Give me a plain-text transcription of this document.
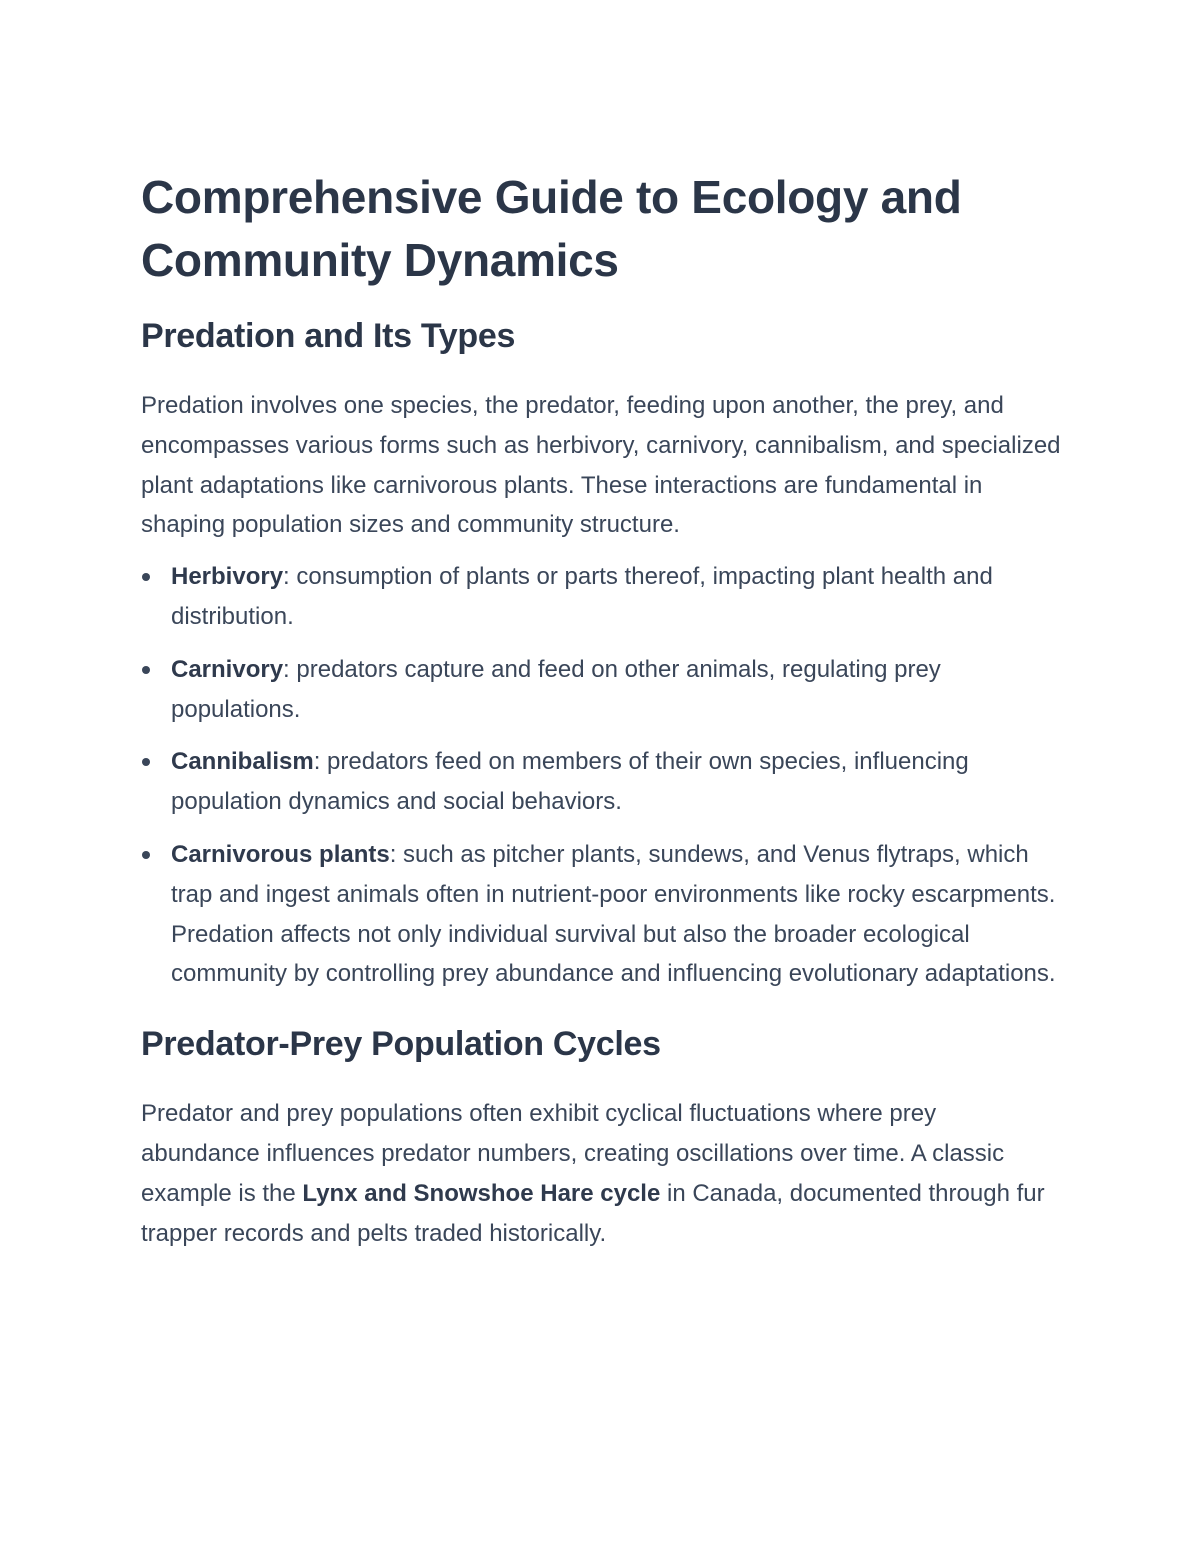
Comprehensive Guide to Ecology and Community Dynamics
Predation and Its Types

Predation involves one species, the predator, feeding upon another, the prey, and encompasses various forms such as herbivory, carnivory, cannibalism, and specialized plant adaptations like carnivorous plants. These interactions are fundamental in shaping population sizes and community structure.

Herbivory: consumption of plants or parts thereof, impacting plant health and distribution.
Carnivory: predators capture and feed on other animals, regulating prey populations.
Cannibalism: predators feed on members of their own species, influencing population dynamics and social behaviors.
Carnivorous plants: such as pitcher plants, sundews, and Venus flytraps, which trap and ingest animals often in nutrient-poor environments like rocky escarpments.
Predation affects not only individual survival but also the broader ecological community by controlling prey abundance and influencing evolutionary adaptations.
Predator-Prey Population Cycles

Predator and prey populations often exhibit cyclical fluctuations where prey abundance influences predator numbers, creating oscillations over time. A classic example is the Lynx and Snowshoe Hare cycle in Canada, documented through fur trapper records and pelts traded historically.
